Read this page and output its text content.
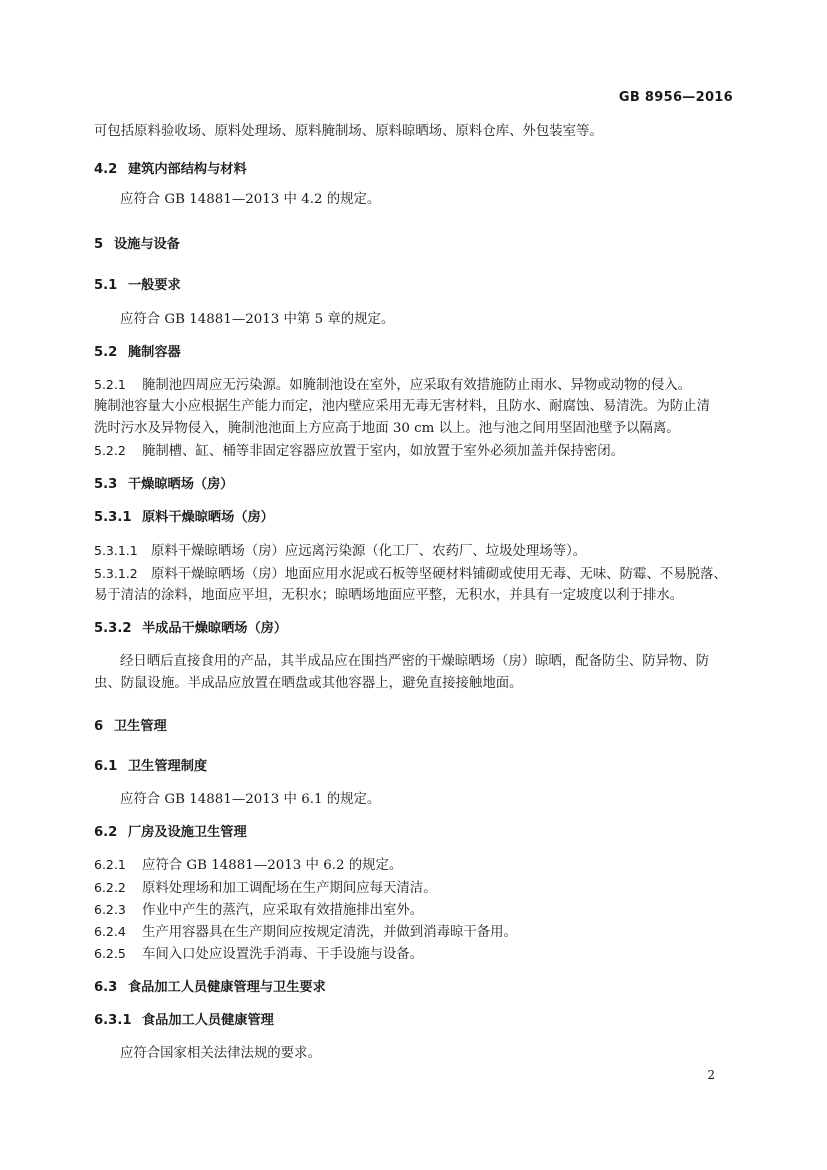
GB 8956—2016
可包括原料验收场、原料处理场、原料腌制场、原料晾晒场、原料仓库、外包装室等。
4.2 建筑内部结构与材料
应符合 GB 14881—2013 中 4.2 的规定。
5 设施与设备
5.1 一般要求
应符合 GB 14881—2013 中第 5 章的规定。
5.2 腌制容器
5.2.1 腌制池四周应无污染源。如腌制池设在室外，应采取有效措施防止雨水、异物或动物的侵入。
腌制池容量大小应根据生产能力而定，池内壁应采用无毒无害材料，且防水、耐腐蚀、易清洗。为防止清
洗时污水及异物侵入，腌制池池面上方应高于地面 30 cm 以上。池与池之间用坚固池壁予以隔离。
5.2.2 腌制槽、缸、桶等非固定容器应放置于室内，如放置于室外必须加盖并保持密闭。
5.3 干燥晾晒场（房）
5.3.1 原料干燥晾晒场（房）
5.3.1.1 原料干燥晾晒场（房）应远离污染源（化工厂、农药厂、垃圾处理场等）。
5.3.1.2 原料干燥晾晒场（房）地面应用水泥或石板等坚硬材料铺砌或使用无毒、无味、防霉、不易脱落、
易于清洁的涂料，地面应平坦，无积水；晾晒场地面应平整，无积水，并具有一定坡度以利于排水。
5.3.2 半成品干燥晾晒场（房）
经日晒后直接食用的产品，其半成品应在围挡严密的干燥晾晒场（房）晾晒，配备防尘、防异物、防
虫、防鼠设施。半成品应放置在晒盘或其他容器上，避免直接接触地面。
6 卫生管理
6.1 卫生管理制度
应符合 GB 14881—2013 中 6.1 的规定。
6.2 厂房及设施卫生管理
6.2.1 应符合 GB 14881—2013 中 6.2 的规定。
6.2.2 原料处理场和加工调配场在生产期间应每天清洁。
6.2.3 作业中产生的蒸汽，应采取有效措施排出室外。
6.2.4 生产用容器具在生产期间应按规定清洗，并做到消毒晾干备用。
6.2.5 车间入口处应设置洗手消毒、干手设施与设备。
6.3 食品加工人员健康管理与卫生要求
6.3.1 食品加工人员健康管理
应符合国家相关法律法规的要求。
2
